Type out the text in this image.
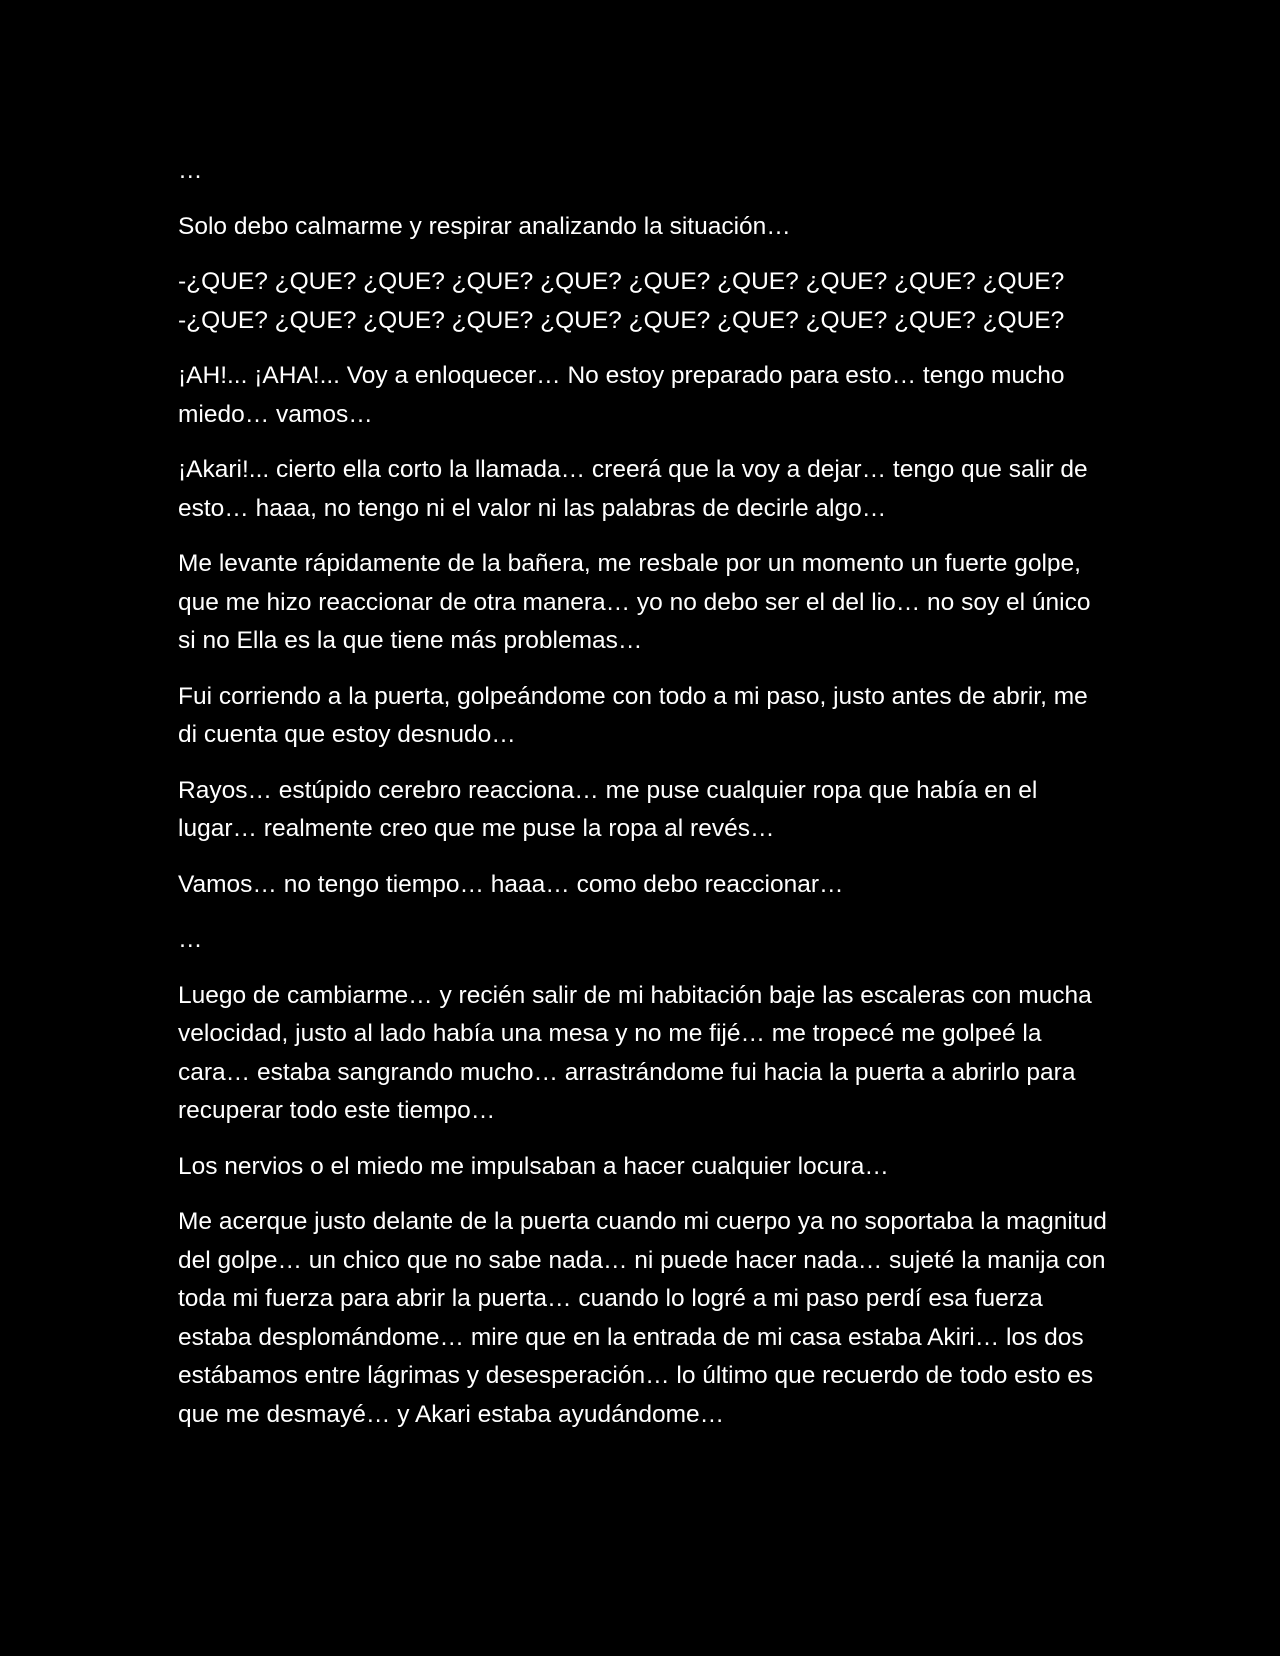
…

Solo debo calmarme y respirar analizando la situación…

-¿QUE? ¿QUE? ¿QUE? ¿QUE? ¿QUE? ¿QUE? ¿QUE? ¿QUE? ¿QUE? ¿QUE?
-¿QUE? ¿QUE? ¿QUE? ¿QUE? ¿QUE? ¿QUE? ¿QUE? ¿QUE? ¿QUE? ¿QUE?

¡AH!... ¡AHA!... Voy a enloquecer… No estoy preparado para esto… tengo mucho miedo… vamos…

¡Akari!... cierto ella corto la llamada… creerá que la voy a dejar… tengo que salir de esto… haaa, no tengo ni el valor ni las palabras de decirle algo…

Me levante rápidamente de la bañera, me resbale por un momento un fuerte golpe, que me hizo reaccionar de otra manera… yo no debo ser el del lio… no soy el único si no Ella es la que tiene más problemas…

Fui corriendo a la puerta, golpeándome con todo a mi paso, justo antes de abrir, me di cuenta que estoy desnudo…

Rayos… estúpido cerebro reacciona… me puse cualquier ropa que había en el lugar… realmente creo que me puse la ropa al revés…

Vamos… no tengo tiempo… haaa… como debo reaccionar…

…

Luego de cambiarme… y recién salir de mi habitación baje las escaleras con mucha velocidad, justo al lado había una mesa y no me fijé… me tropecé me golpeé la cara… estaba sangrando mucho… arrastrándome fui hacia la puerta a abrirlo para recuperar todo este tiempo…

Los nervios o el miedo me impulsaban a hacer cualquier locura…

Me acerque justo delante de la puerta cuando mi cuerpo ya no soportaba la magnitud del golpe… un chico que no sabe nada… ni puede hacer nada… sujeté la manija con toda mi fuerza para abrir la puerta… cuando lo logré a mi paso perdí esa fuerza estaba desplomándome… mire que en la entrada de mi casa estaba Akiri… los dos estábamos entre lágrimas y desesperación… lo último que recuerdo de todo esto es que me desmayé… y Akari estaba ayudándome…
